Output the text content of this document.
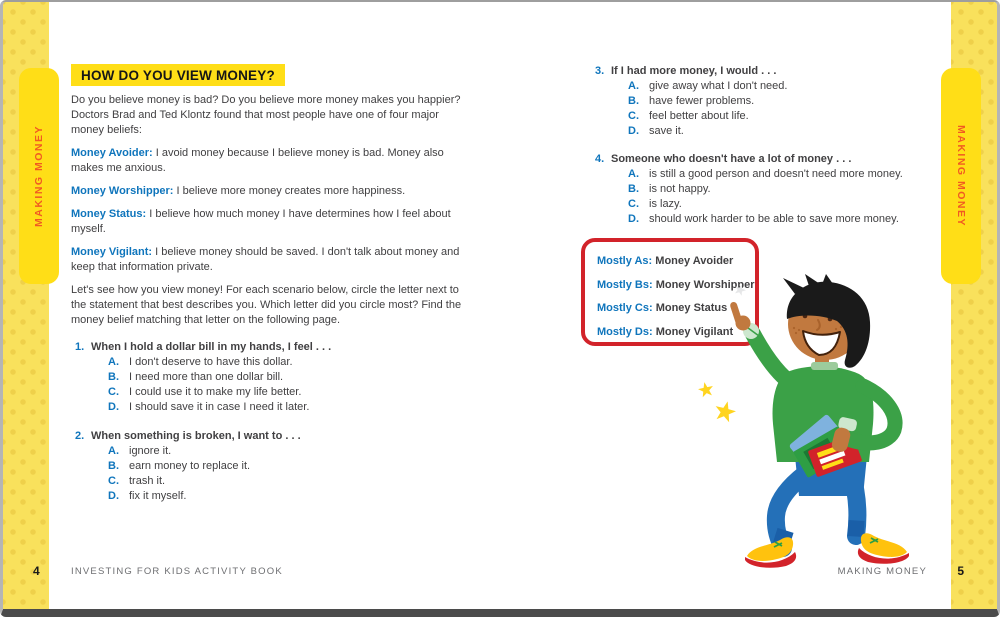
MAKING MONEY	MAKING MONEY
HOW DO YOU VIEW MONEY?

Do you believe money is bad? Do you believe more money makes you happier? Doctors Brad and Ted Klontz found that most people have one of four major money beliefs:

Money Avoider: I avoid money because I believe money is bad. Money also makes me anxious.

Money Worshipper: I believe more money creates more happiness.

Money Status: I believe how much money I have determines how I feel about myself.

Money Vigilant: I believe money should be saved. I don't talk about money and keep that information private.

Let's see how you view money! For each scenario below, circle the letter next to the statement that best describes you. Which letter did you circle most? Find the money belief matching that letter on the following page.

1. When I hold a dollar bill in my hands, I feel . . .
A. I don't deserve to have this dollar.
B. I need more than one dollar bill.
C. I could use it to make my life better.
D. I should save it in case I need it later.
2. When something is broken, I want to . . .
A. ignore it.
B. earn money to replace it.
C. trash it.
D. fix it myself.
3. If I had more money, I would . . .
A. give away what I don't need.
B. have fewer problems.
C. feel better about life.
D. save it.
4. Someone who doesn't have a lot of money . . .
A. is still a good person and doesn't need more money.
B. is not happy.
C. is lazy.
D. should work harder to be able to save more money.
Mostly As: Money Avoider
Mostly Bs: Money Worshipper
Mostly Cs: Money Status
Mostly Ds: Money Vigilant
4	INVESTING FOR KIDS ACTIVITY BOOK	MAKING MONEY	5
